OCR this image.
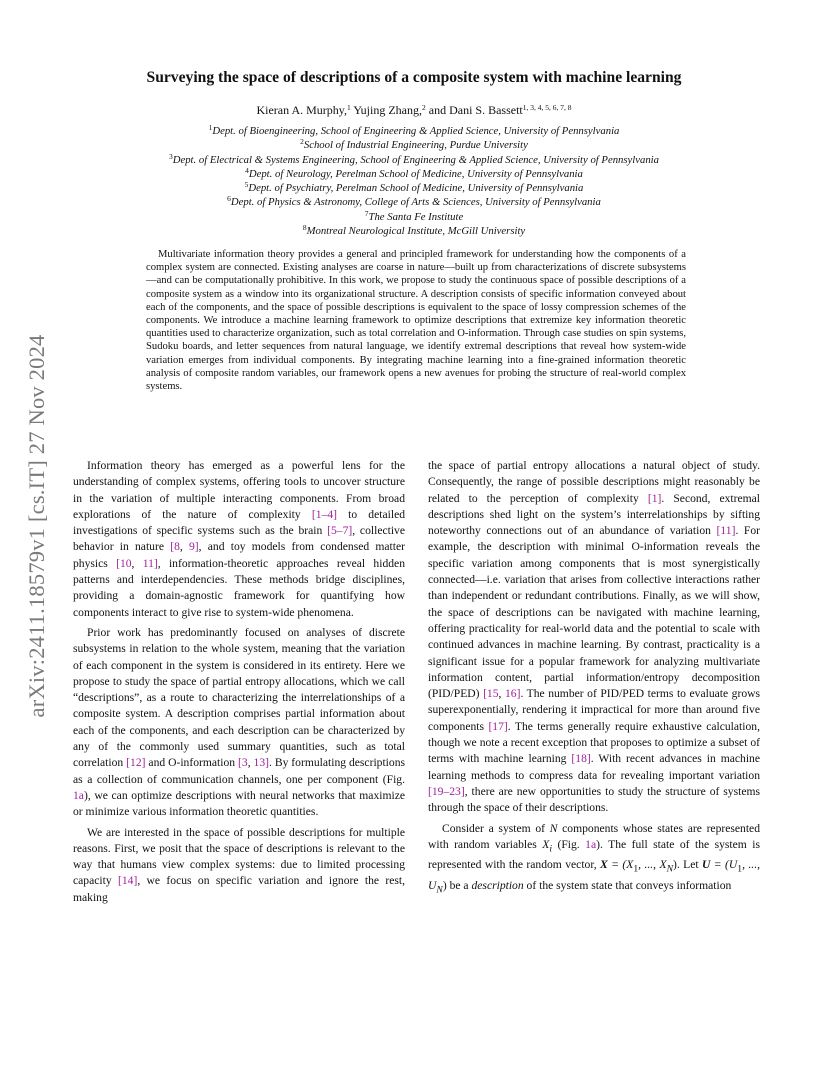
arXiv:2411.18579v1 [cs.IT] 27 Nov 2024
Surveying the space of descriptions of a composite system with machine learning
Kieran A. Murphy,$^1$ Yujing Zhang,$^2$ and Dani S. Bassett$^{1, 3, 4, 5, 6, 7, 8}$
$^1$Dept. of Bioengineering, School of Engineering & Applied Science, University of Pennsylvania
$^2$School of Industrial Engineering, Purdue University
$^3$Dept. of Electrical & Systems Engineering, School of Engineering & Applied Science, University of Pennsylvania
$^4$Dept. of Neurology, Perelman School of Medicine, University of Pennsylvania
$^5$Dept. of Psychiatry, Perelman School of Medicine, University of Pennsylvania
$^6$Dept. of Physics & Astronomy, College of Arts & Sciences, University of Pennsylvania
$^7$The Santa Fe Institute
$^8$Montreal Neurological Institute, McGill University

Multivariate information theory provides a general and principled framework for understanding how the components of a complex system are connected. Existing analyses are coarse in nature—built up from characterizations of discrete subsystems—and can be computationally prohibitive. In this work, we propose to study the continuous space of possible descriptions of a composite system as a window into its organizational structure. A description consists of specific information conveyed about each of the components, and the space of possible descriptions is equivalent to the space of lossy compression schemes of the components. We introduce a machine learning framework to optimize descriptions that extremize key information theoretic quantities used to characterize organization, such as total correlation and O-information. Through case studies on spin systems, Sudoku boards, and letter sequences from natural language, we identify extremal descriptions that reveal how system-wide variation emerges from individual components. By integrating machine learning into a fine-grained information theoretic analysis of composite random variables, our framework opens a new avenues for probing the structure of real-world complex systems.

Information theory has emerged as a powerful lens for the understanding of complex systems, offering tools to uncover structure in the variation of multiple interacting components. From broad explorations of the nature of complexity [1–4] to detailed investigations of specific systems such as the brain [5–7], collective behavior in nature [8, 9], and toy models from condensed matter physics [10, 11], information-theoretic approaches reveal hidden patterns and interdependencies. These methods bridge disciplines, providing a domain-agnostic framework for quantifying how components interact to give rise to system-wide phenomena.

Prior work has predominantly focused on analyses of discrete subsystems in relation to the whole system, meaning that the variation of each component in the system is considered in its entirety. Here we propose to study the space of partial entropy allocations, which we call “descriptions”, as a route to characterizing the interrelationships of a composite system. A description comprises partial information about each of the components, and each description can be characterized by any of the commonly used summary quantities, such as total correlation [12] and O-information [3, 13]. By formulating descriptions as a collection of communication channels, one per component (Fig. 1a), we can optimize descriptions with neural networks that maximize or minimize various information theoretic quantities.

We are interested in the space of possible descriptions for multiple reasons. First, we posit that the space of descriptions is relevant to the way that humans view complex systems: due to limited processing capacity [14], we focus on specific variation and ignore the rest, making

the space of partial entropy allocations a natural object of study. Consequently, the range of possible descriptions might reasonably be related to the perception of complexity [1]. Second, extremal descriptions shed light on the system’s interrelationships by sifting noteworthy connections out of an abundance of variation [11]. For example, the description with minimal O-information reveals the specific variation among components that is most synergistically connected—i.e. variation that arises from collective interactions rather than independent or redundant contributions. Finally, as we will show, the space of descriptions can be navigated with machine learning, offering practicality for real-world data and the potential to scale with continued advances in machine learning. By contrast, practicality is a significant issue for a popular framework for analyzing multivariate information content, partial information/entropy decomposition (PID/PED) [15, 16]. The number of PID/PED terms to evaluate grows superexponentially, rendering it impractical for more than around five components [17]. The terms generally require exhaustive calculation, though we note a recent exception that proposes to optimize a subset of terms with machine learning [18]. With recent advances in machine learning methods to compress data for revealing important variation [19–23], there are new opportunities to study the structure of systems through the space of their descriptions.

Consider a system of N components whose states are represented with random variables $X_i$ (Fig. 1a). The full state of the system is represented with the random vector, $X = (X_1$, ..., $X_N$). Let $U = (U_1$, ..., $U_N$) be a description of the system state that conveys information
